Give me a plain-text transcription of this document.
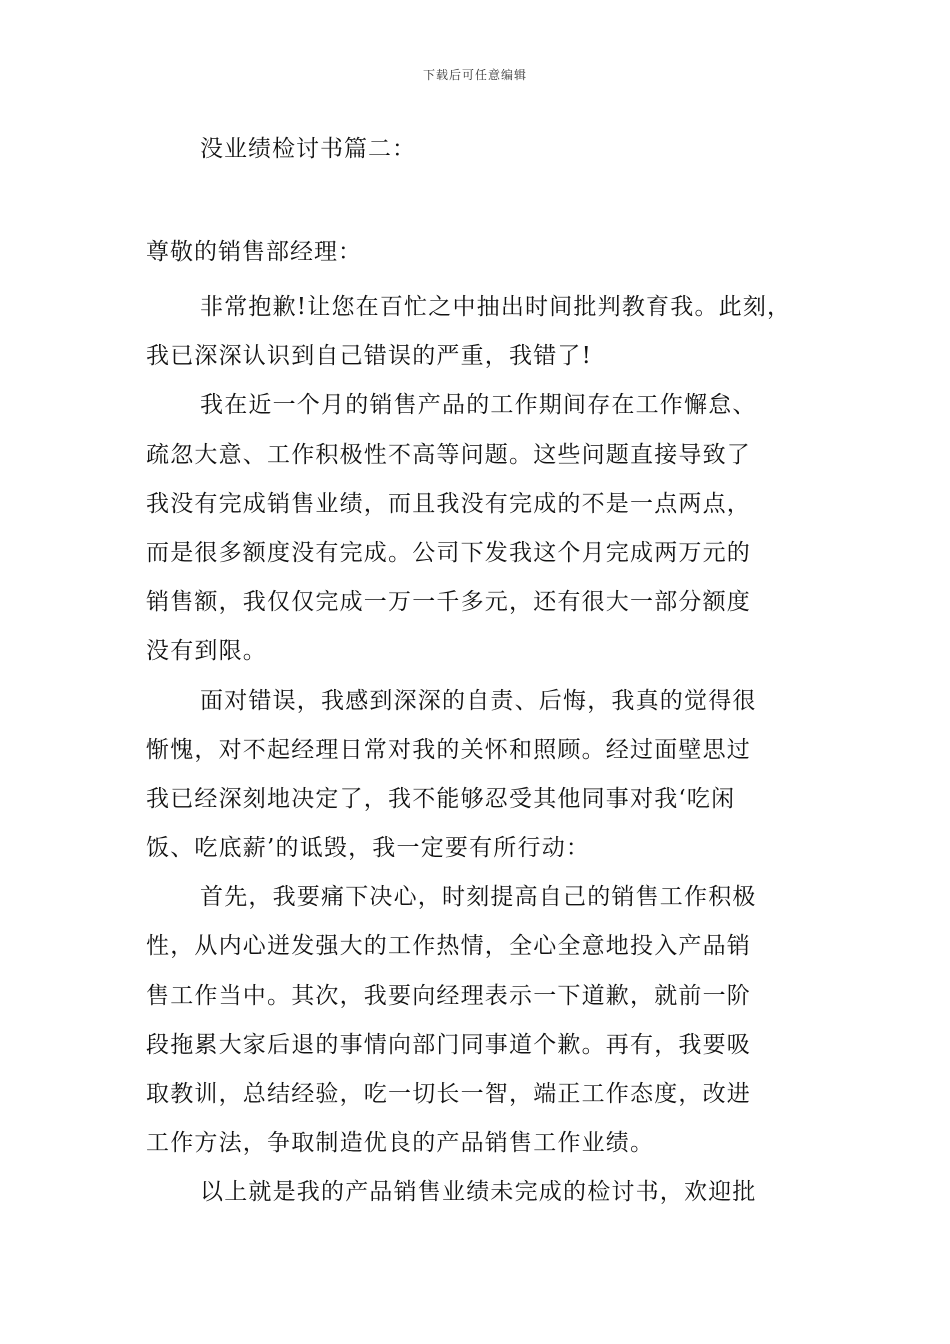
下载后可任意编辑
没业绩检讨书篇二：
尊敬的销售部经理：

非常抱歉!让您在百忙之中抽出时间批判教育我。此刻，
我已深深认识到自己错误的严重，我错了!

我在近一个月的销售产品的工作期间存在工作懈怠、
疏忽大意、工作积极性不高等问题。这些问题直接导致了
我没有完成销售业绩，而且我没有完成的不是一点两点，
而是很多额度没有完成。公司下发我这个月完成两万元的
销售额，我仅仅完成一万一千多元，还有很大一部分额度
没有到限。

面对错误，我感到深深的自责、后悔，我真的觉得很
惭愧，对不起经理日常对我的关怀和照顾。经过面壁思过
我已经深刻地决定了，我不能够忍受其他同事对我‘吃闲
饭、吃底薪’的诋毁，我一定要有所行动：

首先，我要痛下决心，时刻提高自己的销售工作积极
性，从内心迸发强大的工作热情，全心全意地投入产品销
售工作当中。其次，我要向经理表示一下道歉，就前一阶
段拖累大家后退的事情向部门同事道个歉。再有，我要吸
取教训，总结经验，吃一切长一智，端正工作态度，改进
工作方法，争取制造优良的产品销售工作业绩。

以上就是我的产品销售业绩未完成的检讨书，欢迎批
